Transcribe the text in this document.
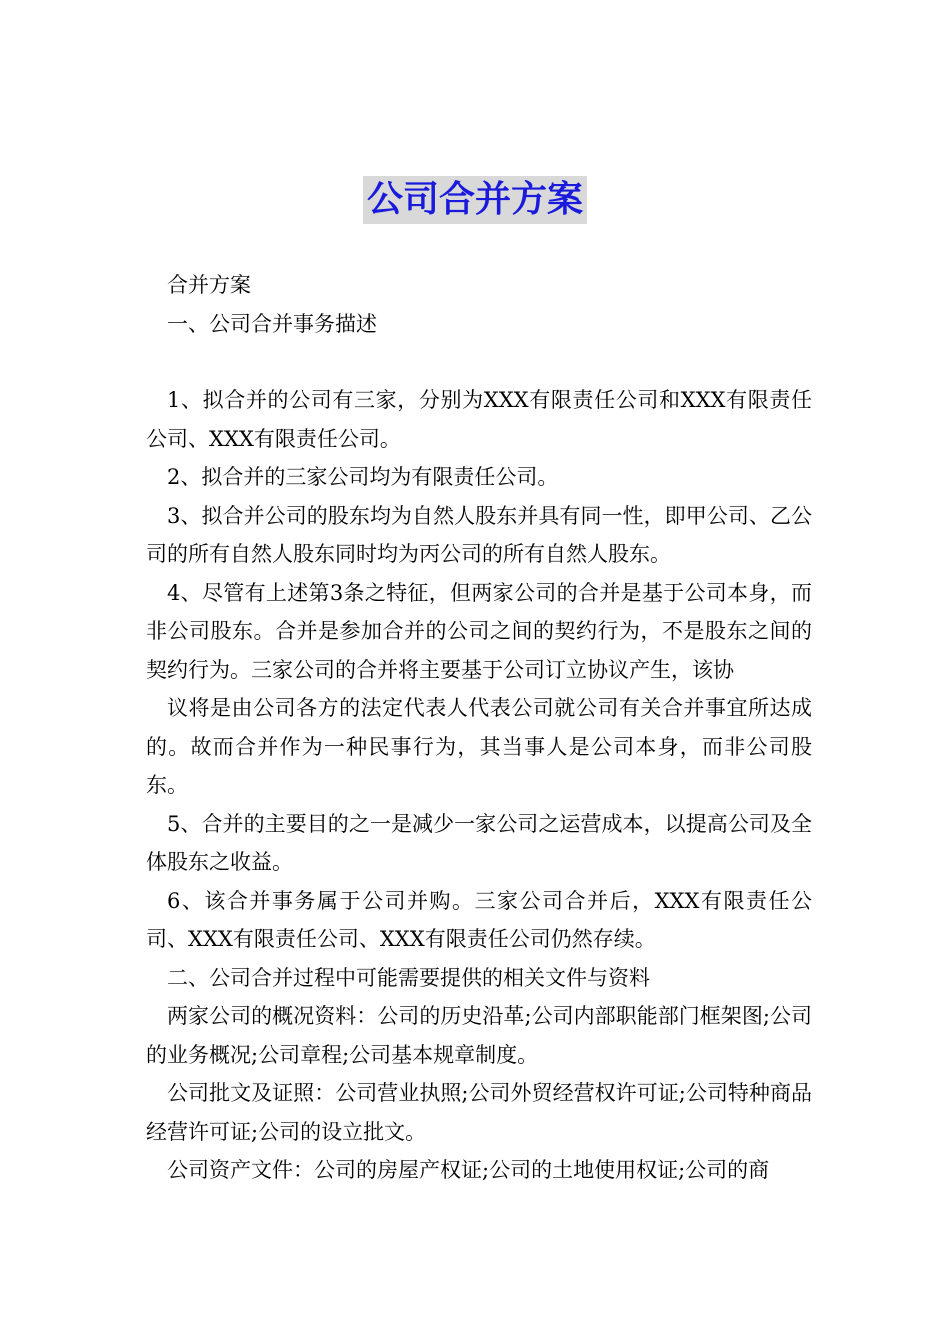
公司合并方案

合并方案

一、公司合并事务描述

1、拟合并的公司有三家，分别为XXX有限责任公司和XXX有限责任公司、XXX有限责任公司。

2、拟合并的三家公司均为有限责任公司。

3、拟合并公司的股东均为自然人股东并具有同一性，即甲公司、乙公司的所有自然人股东同时均为丙公司的所有自然人股东。

4、尽管有上述第3条之特征，但两家公司的合并是基于公司本身，而非公司股东。合并是参加合并的公司之间的契约行为，不是股东之间的契约行为。三家公司的合并将主要基于公司订立协议产生，该协

议将是由公司各方的法定代表人代表公司就公司有关合并事宜所达成的。故而合并作为一种民事行为，其当事人是公司本身，而非公司股东。

5、合并的主要目的之一是减少一家公司之运营成本，以提高公司及全体股东之收益。

6、该合并事务属于公司并购。三家公司合并后，XXX有限责任公司、XXX有限责任公司、XXX有限责任公司仍然存续。

二、公司合并过程中可能需要提供的相关文件与资料

两家公司的概况资料：公司的历史沿革;公司内部职能部门框架图;公司的业务概况;公司章程;公司基本规章制度。

公司批文及证照：公司营业执照;公司外贸经营权许可证;公司特种商品经营许可证;公司的设立批文。

公司资产文件：公司的房屋产权证;公司的土地使用权证;公司的商
